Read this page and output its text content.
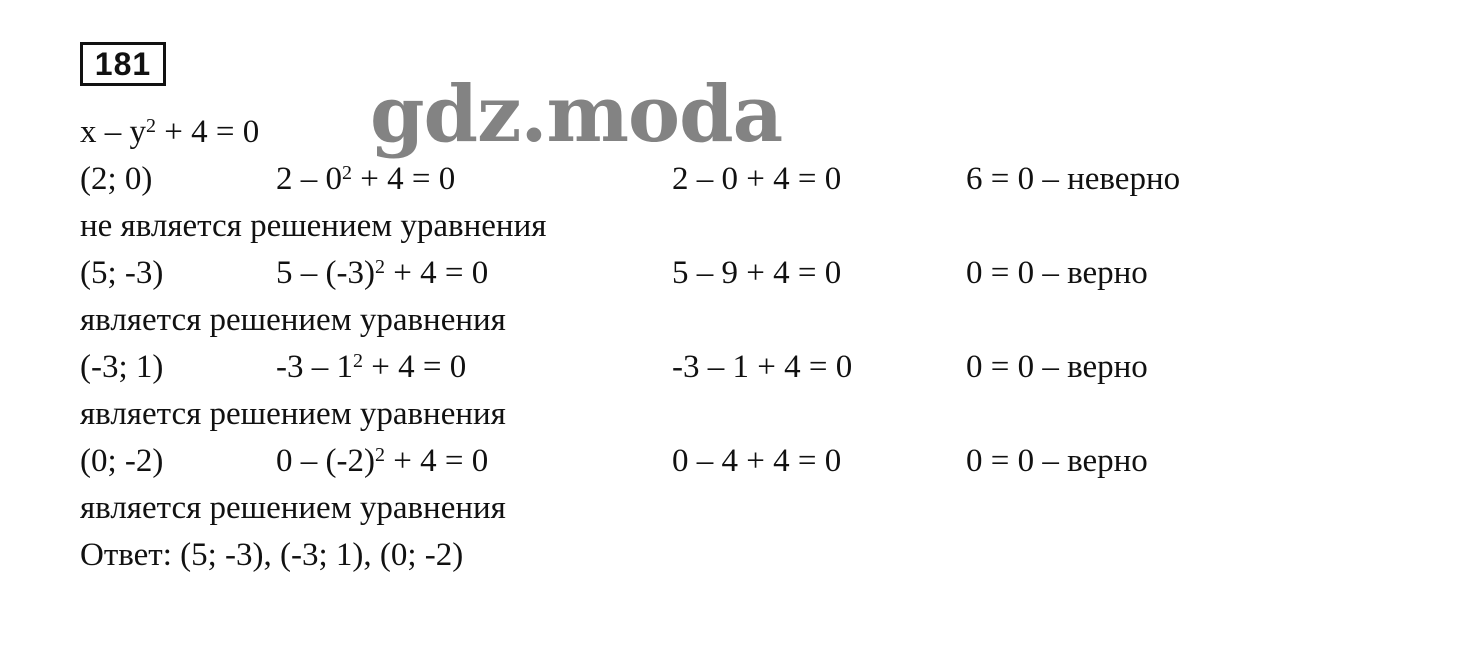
181
gdz.moda
$x - y^2 + 4 = 0$
(2; 0)	$2 - 0^2 + 4 = 0$	2 – 0 + 4 = 0	6 = 0 – неверно
не является решением уравнения
(5; -3)	$5 - (-3)^2 + 4 = 0$	5 – 9 + 4 = 0	0 = 0 – верно
является решением уравнения
(-3; 1)	$-3 - 1^2 + 4 = 0$	-3 – 1 + 4 = 0	0 = 0 – верно
является решением уравнения
(0; -2)	$0 - (-2)^2 + 4 = 0$	0 – 4 + 4 = 0	0 = 0 – верно
является решением уравнения
Ответ: (5; -3), (-3; 1), (0; -2)
